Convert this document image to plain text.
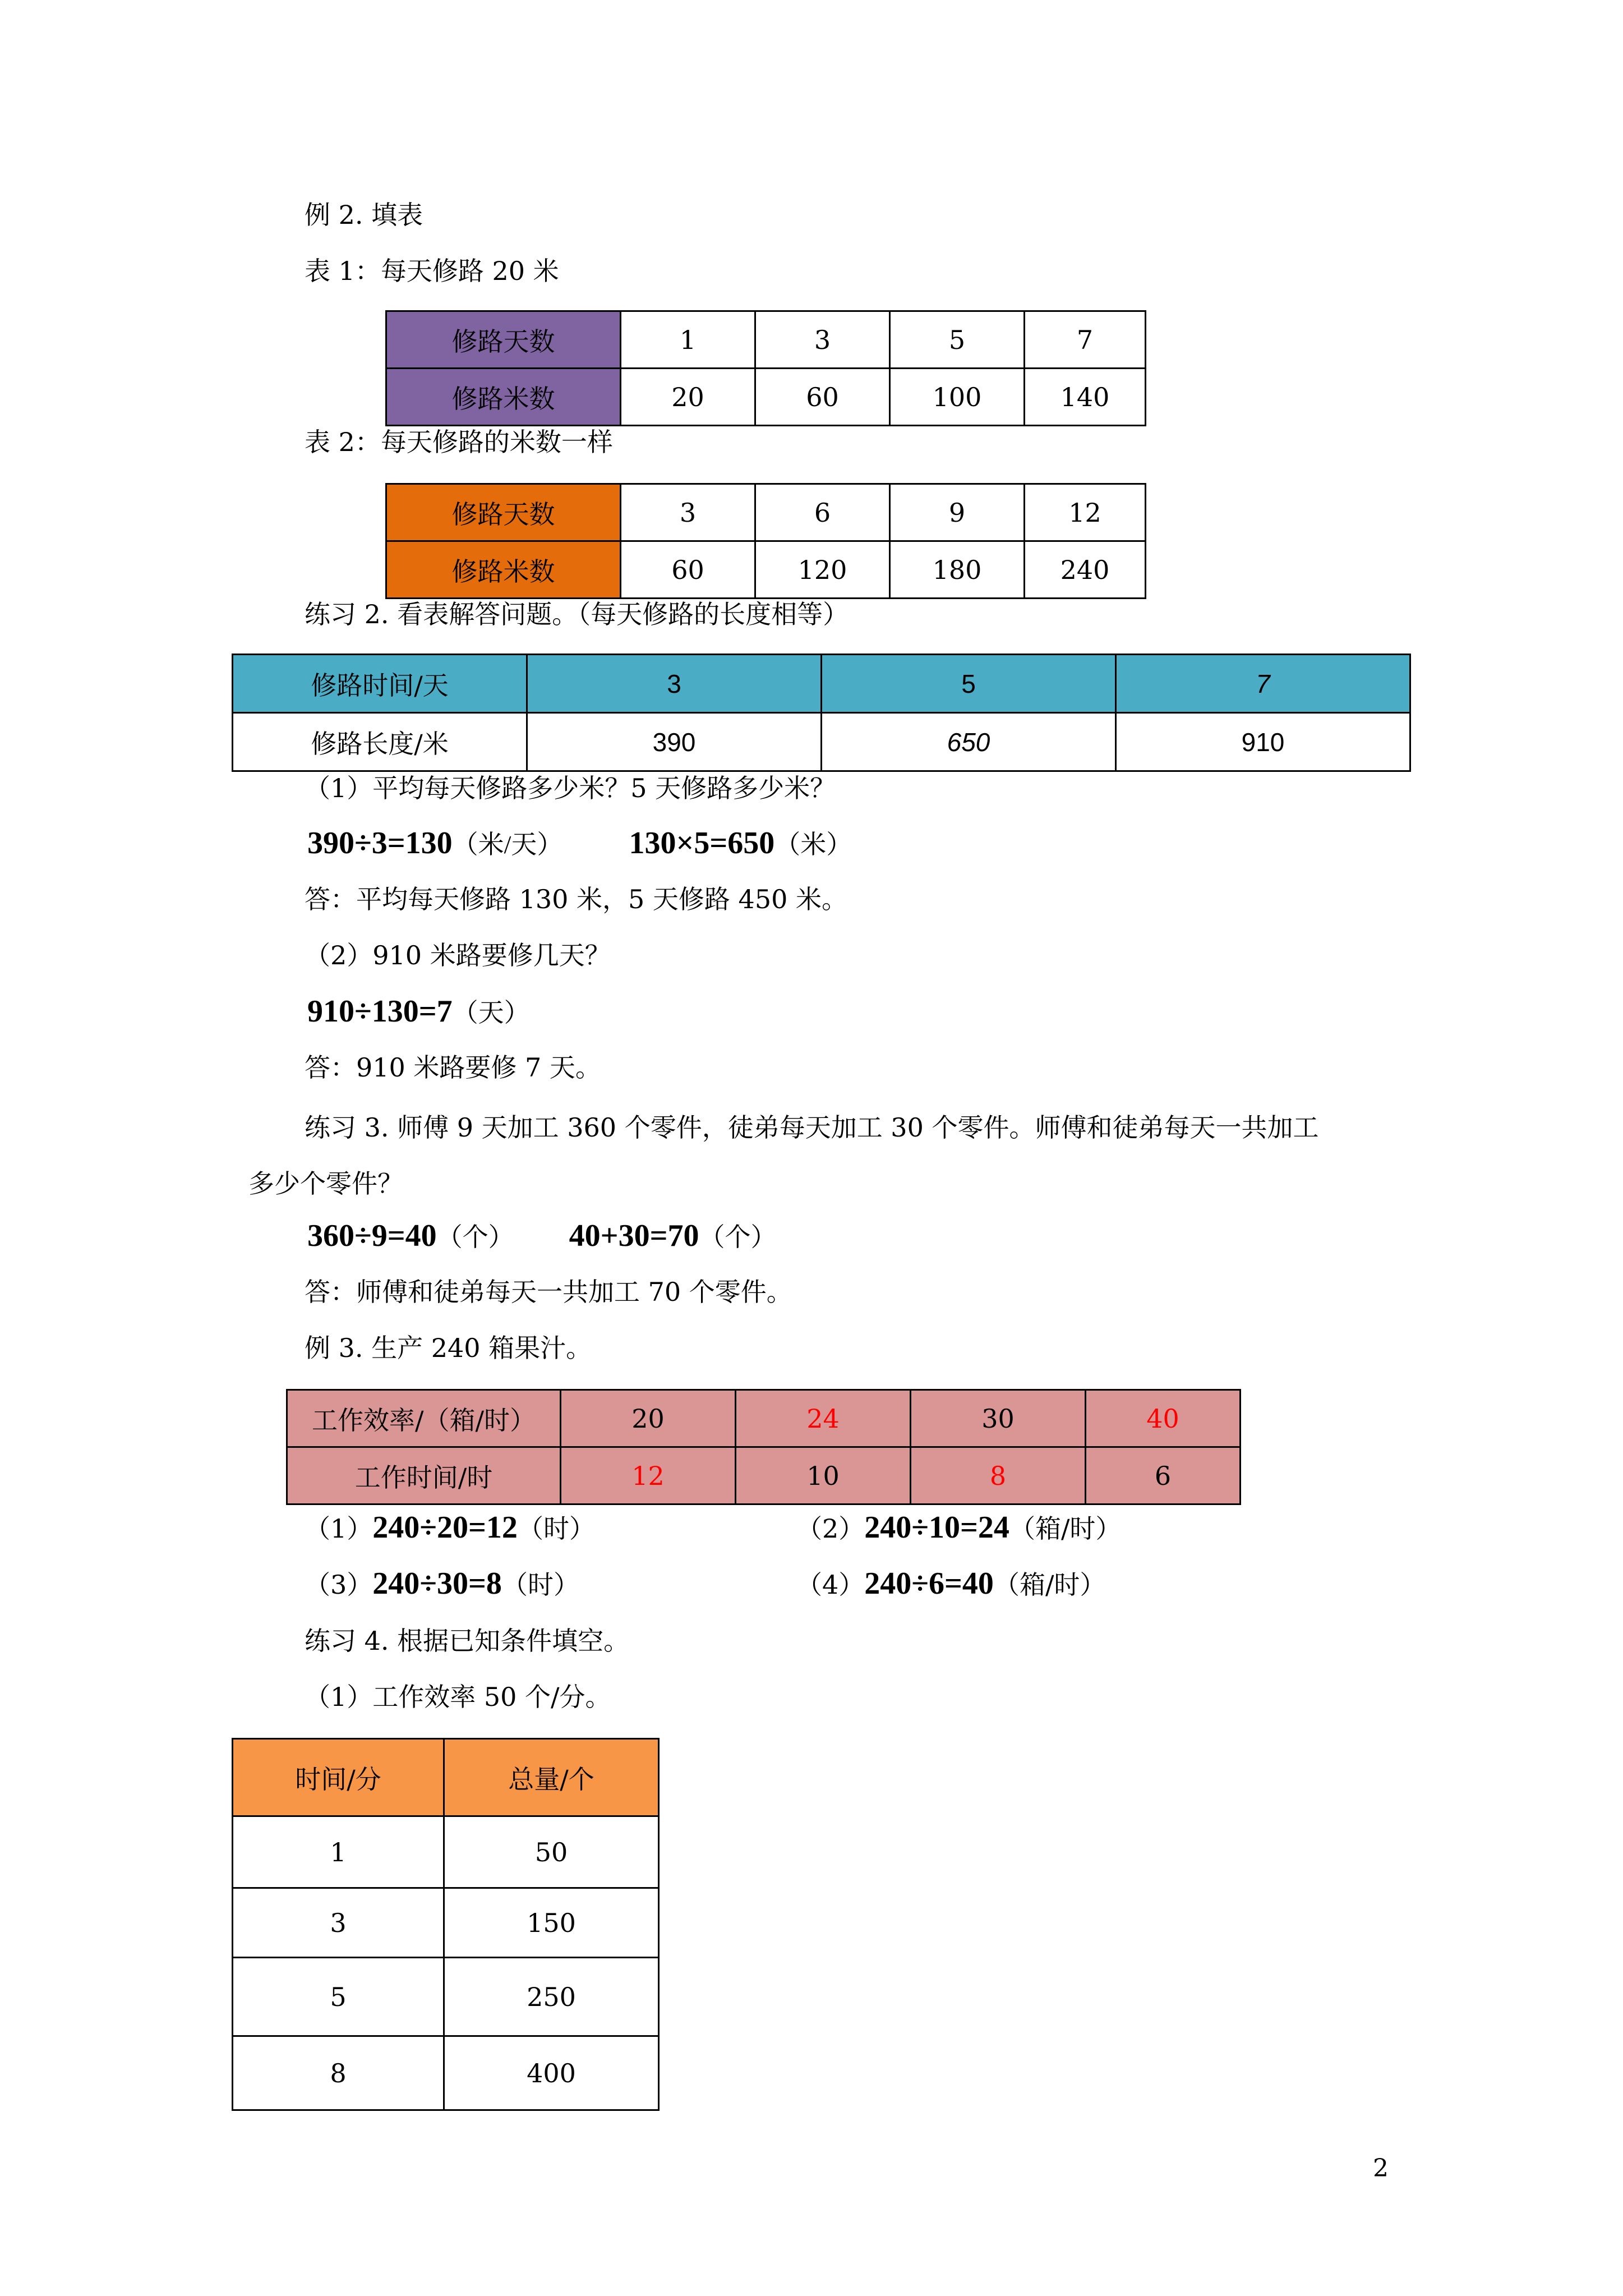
例 2. 填表
表 1：每天修路 20 米
修路天数	1	3	5	7
修路米数	20	60	100	140
表 2：每天修路的米数一样
修路天数	3	6	9	12
修路米数	60	120	180	240
练习 2. 看表解答问题。（每天修路的长度相等）
修路时间/天	3	5	7
修路长度/米	390	650	910
（1）平均每天修路多少米？5 天修路多少米？
390÷3=130（米/天） 130×5=650（米）
答：平均每天修路 130 米，5 天修路 450 米。
（2）910 米路要修几天？
910÷130=7（天）
答：910 米路要修 7 天。
练习 3. 师傅 9 天加工 360 个零件，徒弟每天加工 30 个零件。师傅和徒弟每天一共加工
多少个零件？
360÷9=40（个） 40+30=70（个）
答：师傅和徒弟每天一共加工 70 个零件。
例 3. 生产 240 箱果汁。
工作效率/（箱/时）	20	24	30	40
工作时间/时	12	10	8	6
（1）240÷20=12（时）	（2）240÷10=24（箱/时）
（3）240÷30=8（时）	（4）240÷6=40（箱/时）
练习 4. 根据已知条件填空。
（1）工作效率 50 个/分。
时间/分	总量/个
1	50
3	150
5	250
8	400
2
